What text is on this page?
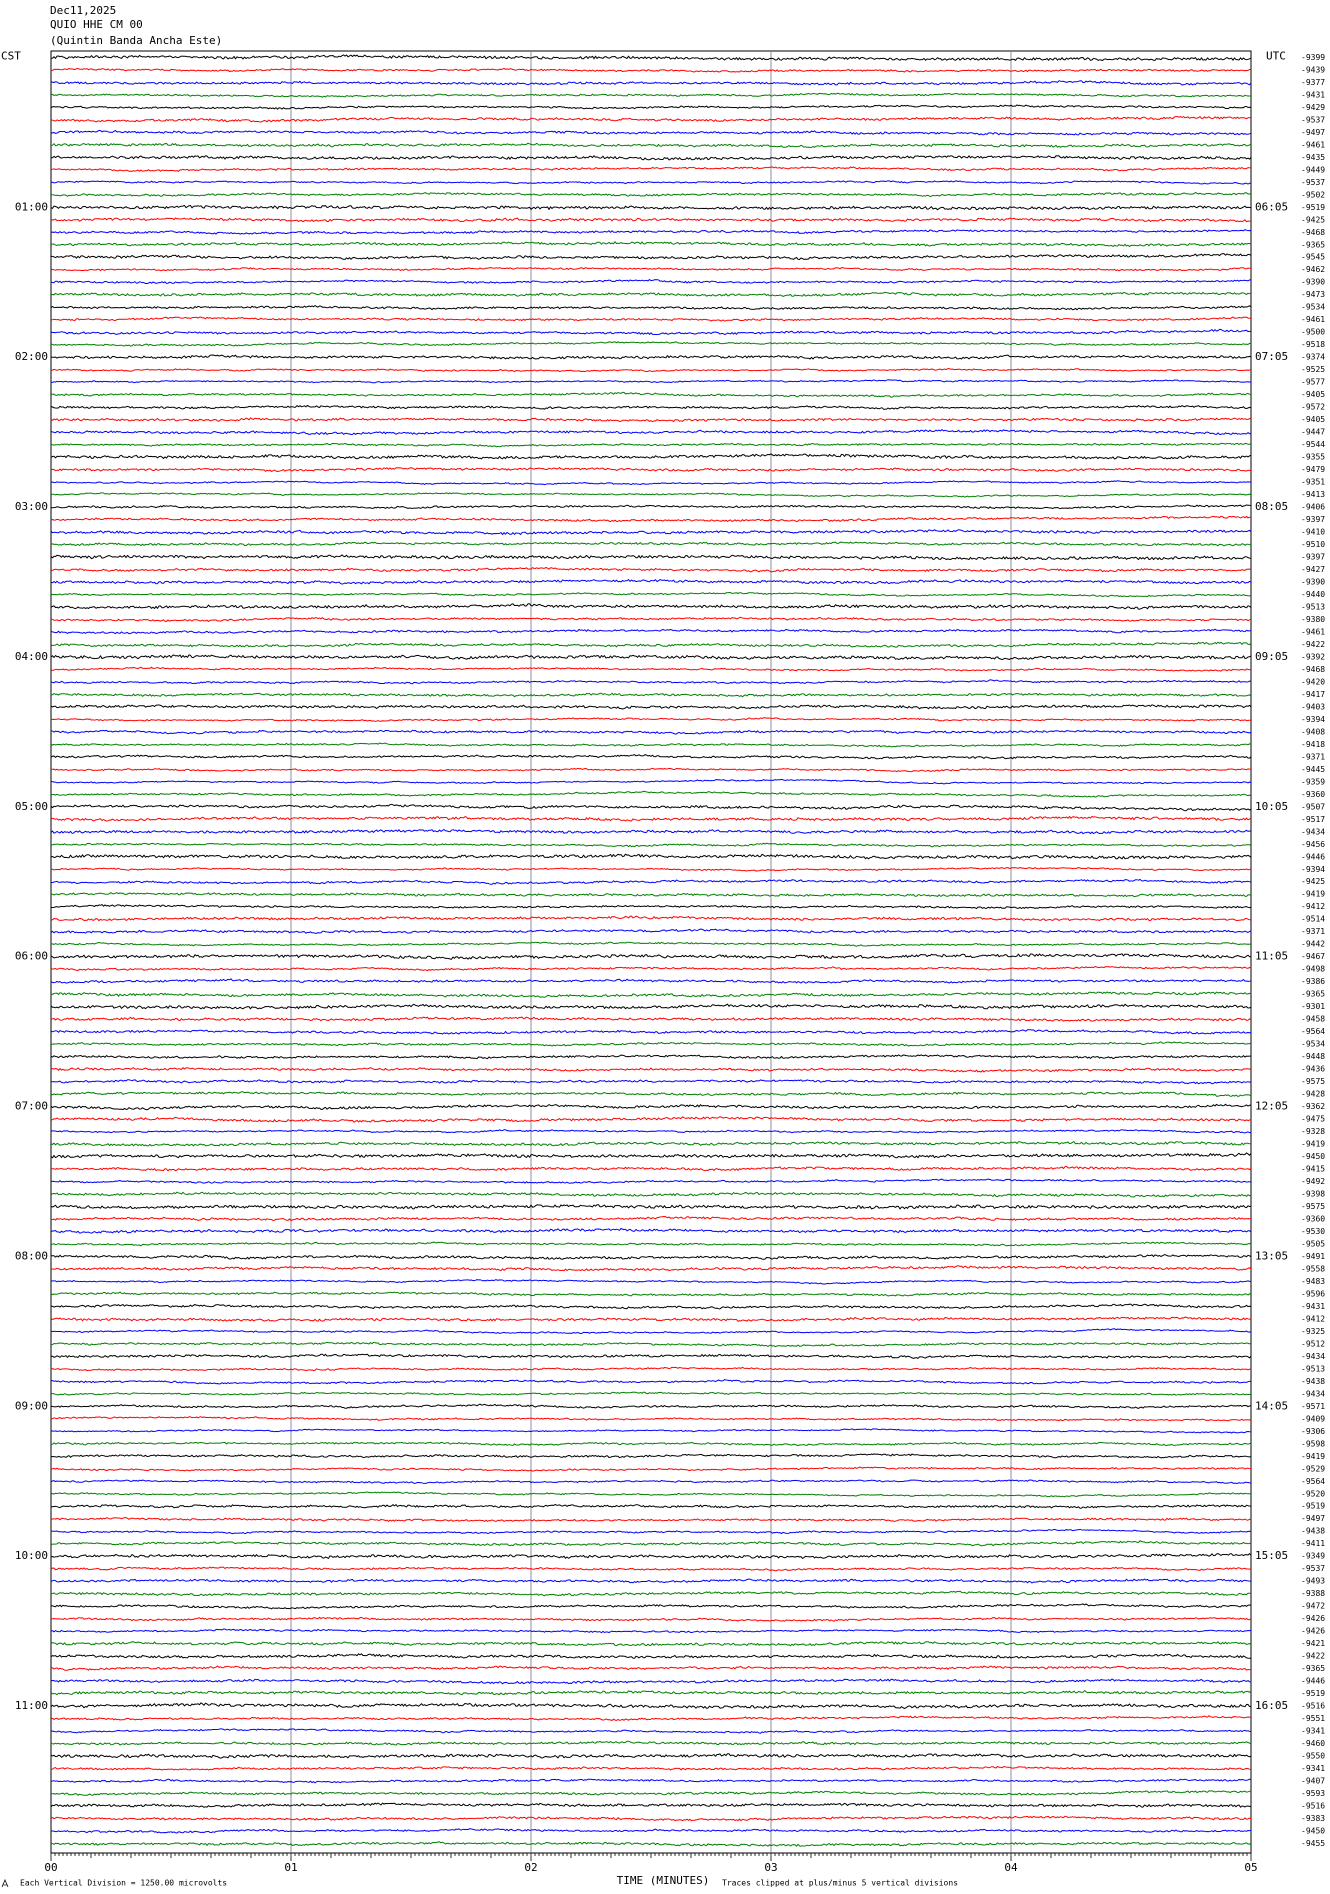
Dec11,2025
QUIO HHE CM 00
(Quintin Banda Ancha Este)
CST
01:00
02:00
03:00
04:00
05:00
06:00
07:00
08:00
09:00
10:00
11:00
UTC
06:05
07:05
08:05
09:05
10:05
11:05
12:05
13:05
14:05
15:05
16:05
-9399
-9439
-9377
-9431
-9429
-9537
-9497
-9461
-9435
-9449
-9537
-9502
-9519
-9425
-9468
-9365
-9545
-9462
-9390
-9473
-9534
-9461
-9500
-9518
-9374
-9525
-9577
-9405
-9572
-9405
-9447
-9544
-9355
-9479
-9351
-9413
-9406
-9397
-9410
-9510
-9397
-9427
-9390
-9440
-9513
-9380
-9461
-9422
-9392
-9468
-9420
-9417
-9403
-9394
-9408
-9418
-9371
-9445
-9359
-9360
-9507
-9517
-9434
-9456
-9446
-9394
-9425
-9419
-9412
-9514
-9371
-9442
-9467
-9498
-9386
-9365
-9301
-9458
-9564
-9534
-9448
-9436
-9575
-9428
-9362
-9475
-9328
-9419
-9450
-9415
-9492
-9398
-9575
-9360
-9530
-9505
-9491
-9558
-9483
-9596
-9431
-9412
-9325
-9512
-9434
-9513
-9438
-9434
-9571
-9409
-9306
-9598
-9419
-9529
-9564
-9520
-9519
-9497
-9438
-9411
-9349
-9537
-9493
-9388
-9472
-9426
-9426
-9421
-9422
-9365
-9446
-9519
-9516
-9551
-9341
-9460
-9550
-9341
-9407
-9593
-9516
-9383
-9450
-9455
00	01	02	03	04	05
TIME (MINUTES)
Each Vertical Division = 1250.00 microvolts	Traces clipped at plus/minus 5 vertical divisions
